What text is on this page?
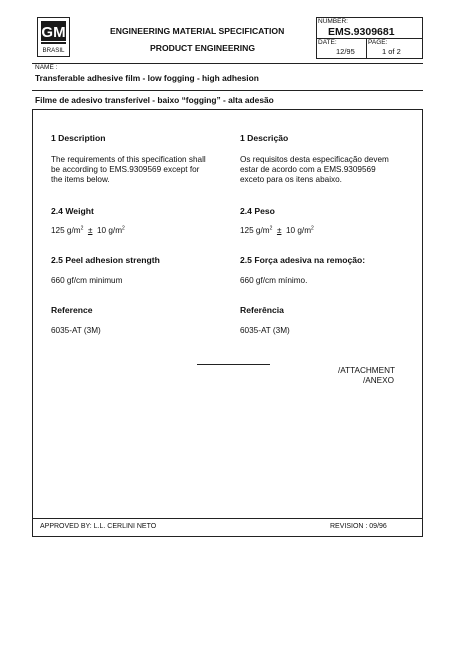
GM
BRASIL
ENGINEERING MATERIAL SPECIFICATION
PRODUCT ENGINEERING
NUMBER:
EMS.9309681
DATE:
12/95
PAGE:
1 of 2
NAME :
Transferable adhesive film - low fogging - high adhesion
Filme de adesivo transferível - baixo “fogging” - alta adesão
1 Description
The requirements of this specification shall
be according to EMS.9309569 except for
the items below.
2.4 Weight
125 $g/m^2 \pm 10$ $g/m^2$
2.5 Peel adhesion strength
660 gf/cm minimum
Reference
6035-AT (3M)
1 Descrição
Os requisitos desta especificação devem
estar de acordo com a EMS.9309569
exceto para os itens abaixo.
2.4 Peso
125 $g/m^2 \pm 10$ $g/m^2$
2.5 Força adesiva na remoção:
660 gf/cm mínimo.
Referência
6035-AT (3M)
/ATTACHMENT
/ANEXO
APPROVED BY: L.L. CERLINI NETO	REVISION : 09/96
